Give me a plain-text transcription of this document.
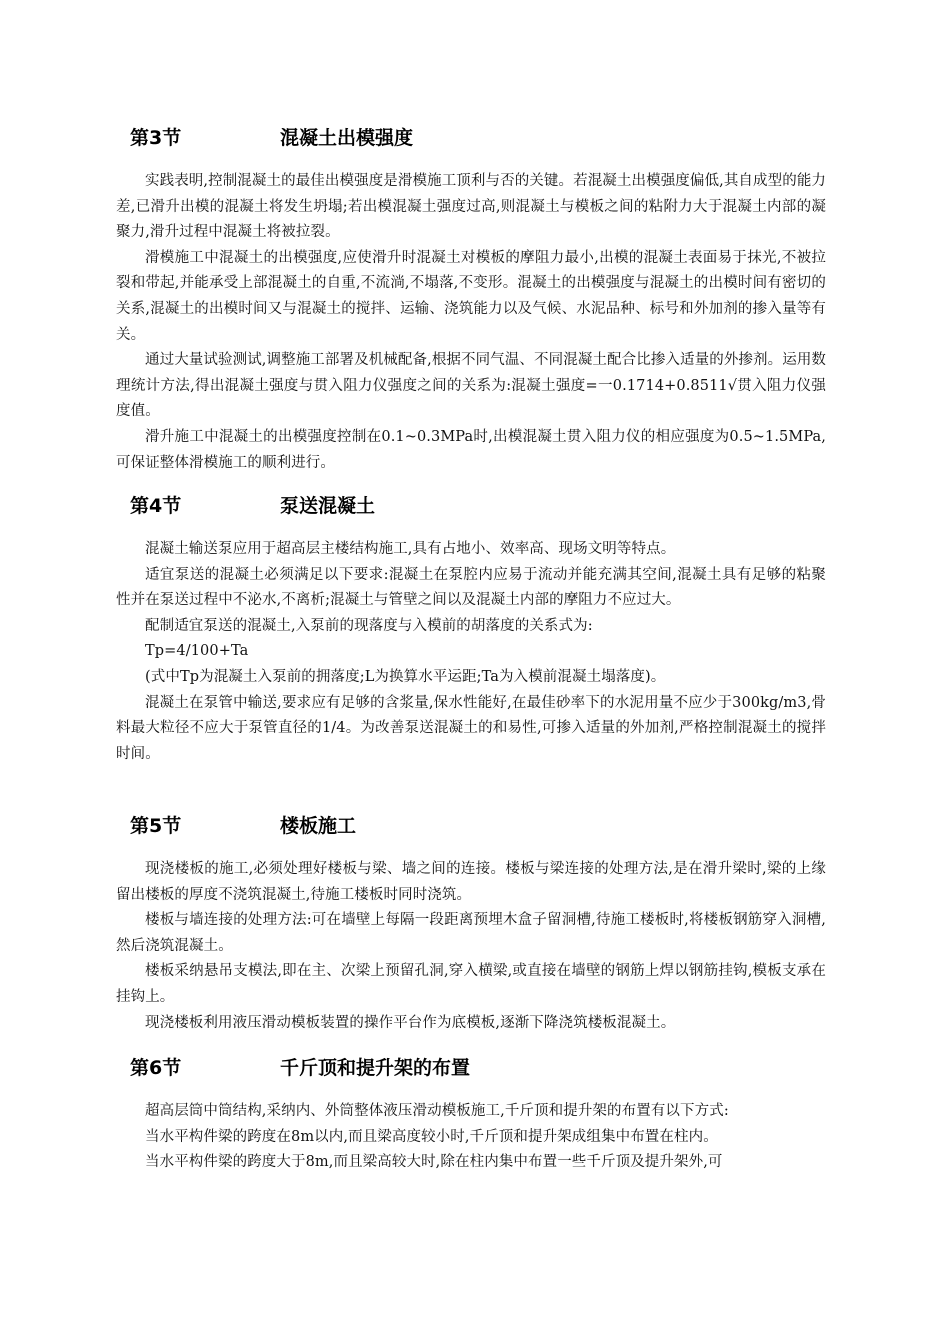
第3节	混凝土出模强度

实践表明,控制混凝土的最佳出模强度是滑模施工顶利与否的关键。若混凝土出模强度偏低,其自成型的能力差,已滑升出模的混凝土将发生坍塌;若出模混凝土强度过高,则混凝土与模板之间的粘附力大于混凝土内部的凝聚力,滑升过程中混凝土将被拉裂。

滑模施工中混凝土的出模强度,应使滑升时混凝土对模板的摩阻力最小,出模的混凝土表面易于抹光,不被拉裂和带起,并能承受上部混凝土的自重,不流淌,不塌落,不变形。混凝土的出模强度与混凝土的出模时间有密切的关系,混凝土的出模时间又与混凝土的搅拌、运输、浇筑能力以及气候、水泥品种、标号和外加剂的掺入量等有关。

通过大量试验测试,调整施工部署及机械配备,根据不同气温、不同混凝土配合比掺入适量的外掺剂。运用数理统计方法,得出混凝土强度与贯入阻力仪强度之间的关系为:混凝土强度=一0.1714+0.8511√贯入阻力仪强度值。

滑升施工中混凝土的出模强度控制在0.1~0.3MPa时,出模混凝土贯入阻力仪的相应强度为0.5~1.5MPa,可保证整体滑模施工的顺利进行。

第4节	泵送混凝土

混凝土输送泵应用于超高层主楼结构施工,具有占地小、效率高、现场文明等特点。

适宜泵送的混凝土必须满足以下要求:混凝土在泵腔内应易于流动并能充满其空间,混凝土具有足够的粘聚性并在泵送过程中不泌水,不离析;混凝土与管壁之间以及混凝土内部的摩阻力不应过大。

配制适宜泵送的混凝土,入泵前的现落度与入模前的胡落度的关系式为:

Tp=4/100+Ta

(式中Tp为混凝土入泵前的拥落度;L为换算水平运距;Ta为入模前混凝土塌落度)。

混凝土在泵管中输送,要求应有足够的含浆量,保水性能好,在最佳砂率下的水泥用量不应少于300kg/m3,骨料最大粒径不应大于泵管直径的1/4。为改善泵送混凝土的和易性,可掺入适量的外加剂,严格控制混凝土的搅拌时间。

第5节	楼板施工

现浇楼板的施工,必须处理好楼板与梁、墙之间的连接。楼板与梁连接的处理方法,是在滑升梁时,梁的上缘留出楼板的厚度不浇筑混凝土,待施工楼板时同时浇筑。

楼板与墙连接的处理方法:可在墙壁上每隔一段距离预埋木盒子留洞槽,待施工楼板时,将楼板钢筋穿入洞槽,然后浇筑混凝土。

楼板采纳悬吊支模法,即在主、次梁上预留孔洞,穿入横梁,或直接在墙壁的钢筋上焊以钢筋挂钩,模板支承在挂钩上。

现浇楼板利用液压滑动模板装置的操作平台作为底模板,逐渐下降浇筑楼板混凝土。

第6节	千斤顶和提升架的布置

超高层筒中筒结构,采纳内、外筒整体液压滑动模板施工,千斤顶和提升架的布置有以下方式:

当水平构件梁的跨度在8m以内,而且梁高度较小时,千斤顶和提升架成组集中布置在柱内。

当水平构件梁的跨度大于8m,而且梁高较大时,除在柱内集中布置一些千斤顶及提升架外,可
